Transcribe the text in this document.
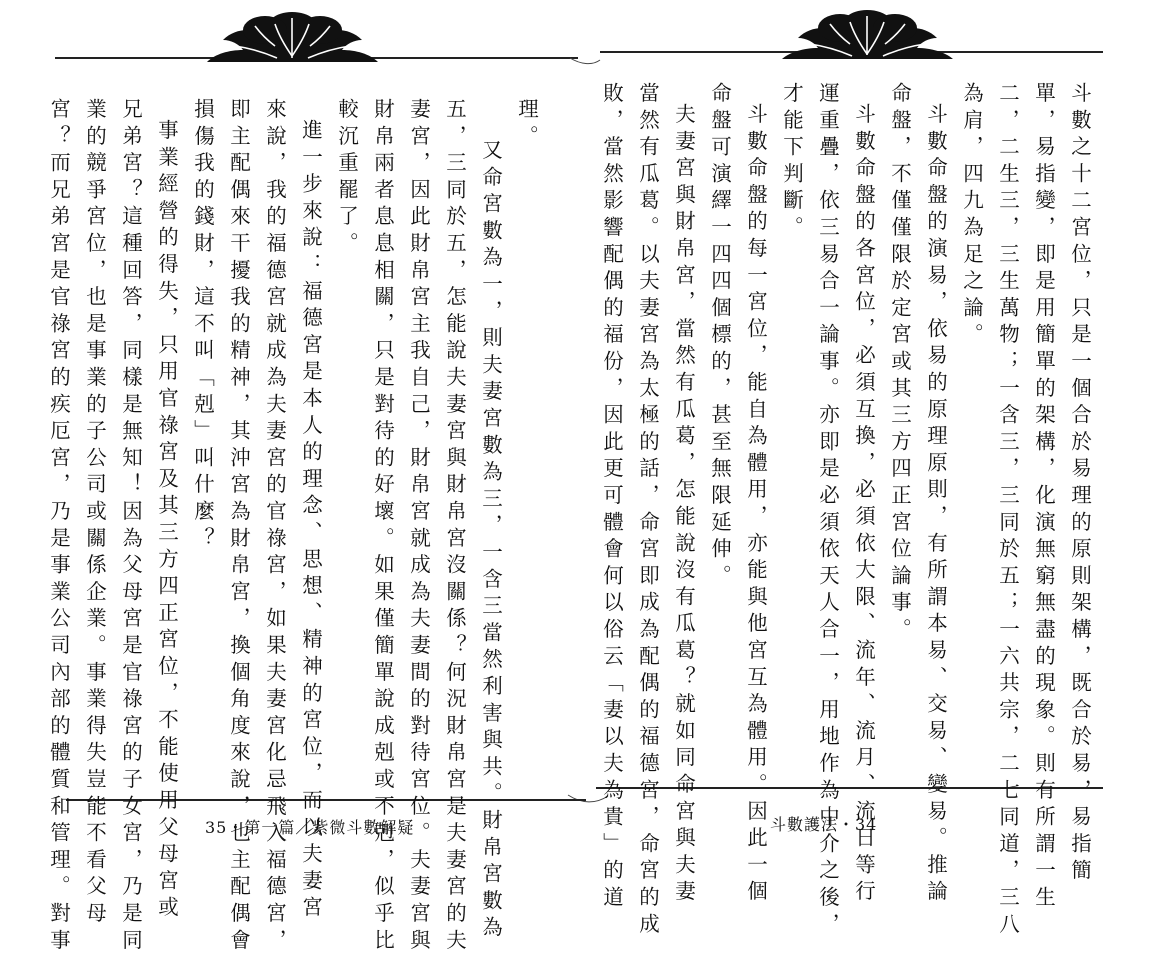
斗數之十二宮位，只是一個合於易理的原則架構，既合於易，易指簡
單，易指變，即是用簡單的架構，化演無窮無盡的現象。則有所謂一生
二，二生三，三生萬物；一含三，三同於五；一六共宗，二七同道，三八
為肩，四九為足之論。
斗數命盤的演易，依易的原理原則，有所謂本易、交易、變易。推論
命盤，不僅僅限於定宮或其三方四正宮位論事。
斗數命盤的各宮位，必須互換，必須依大限、流年、流月、流日等行
運重疊，依三易合一論事。亦即是必須依天人合一，用地作為中介之後，
才能下判斷。
斗數命盤的每一宮位，能自為體用，亦能與他宮互為體用。因此一個
命盤可演繹一四四個標的，甚至無限延伸。
夫妻宮與財帛宮，當然有瓜葛，怎能說沒有瓜葛？就如同命宮與夫妻
當然有瓜葛。以夫妻宮為太極的話，命宮即成為配偶的福德宮，命宮的成
敗，當然影響配偶的福份，因此更可體會何以俗云「妻以夫為貴」的道
理。
又命宮數為一，則夫妻宮數為三，一含三當然利害與共。財帛宮數為
五，三同於五，怎能說夫妻宮與財帛宮沒關係？何況財帛宮是夫妻宮的夫
妻宮，因此財帛宮主我自己，財帛宮就成為夫妻間的對待宮位。夫妻宮與
財帛兩者息息相關，只是對待的好壞。如果僅簡單說成剋或不剋，似乎比
較沉重罷了。
進一步來說：福德宮是本人的理念、思想、精神的宮位，而以夫妻宮
來說，我的福德宮就成為夫妻宮的官祿宮，如果夫妻宮化忌飛入福德宮，
即主配偶來干擾我的精神，其沖宮為財帛宮，換個角度來說，也主配偶會
損傷我的錢財，這不叫「剋」叫什麼？
事業經營的得失，只用官祿宮及其三方四正宮位，不能使用父母宮或
兄弟宮？這種回答，同樣是無知！因為父母宮是官祿宮的子女宮，乃是同
業的競爭宮位，也是事業的子公司或關係企業。事業得失豈能不看父母
宮？而兄弟宮是官祿宮的疾厄宮，乃是事業公司內部的體質和管理。對事	35・第一篇／紫微斗數解疑	斗數護法・34
